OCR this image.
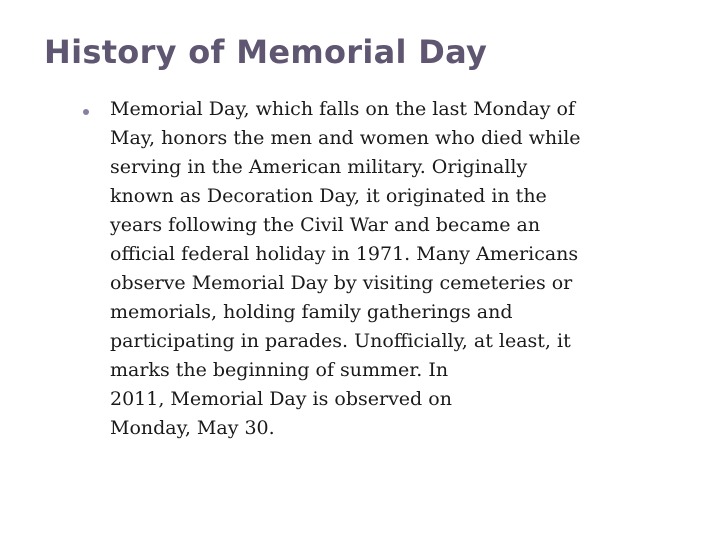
History of Memorial Day

Memorial Day, which falls on the last Monday of
May, honors the men and women who died while
serving in the American military. Originally
known as Decoration Day, it originated in the
years following the Civil War and became an
official federal holiday in 1971. Many Americans
observe Memorial Day by visiting cemeteries or
memorials, holding family gatherings and
participating in parades. Unofficially, at least, it
marks the beginning of summer. In
2011, Memorial Day is observed on
Monday, May 30.
